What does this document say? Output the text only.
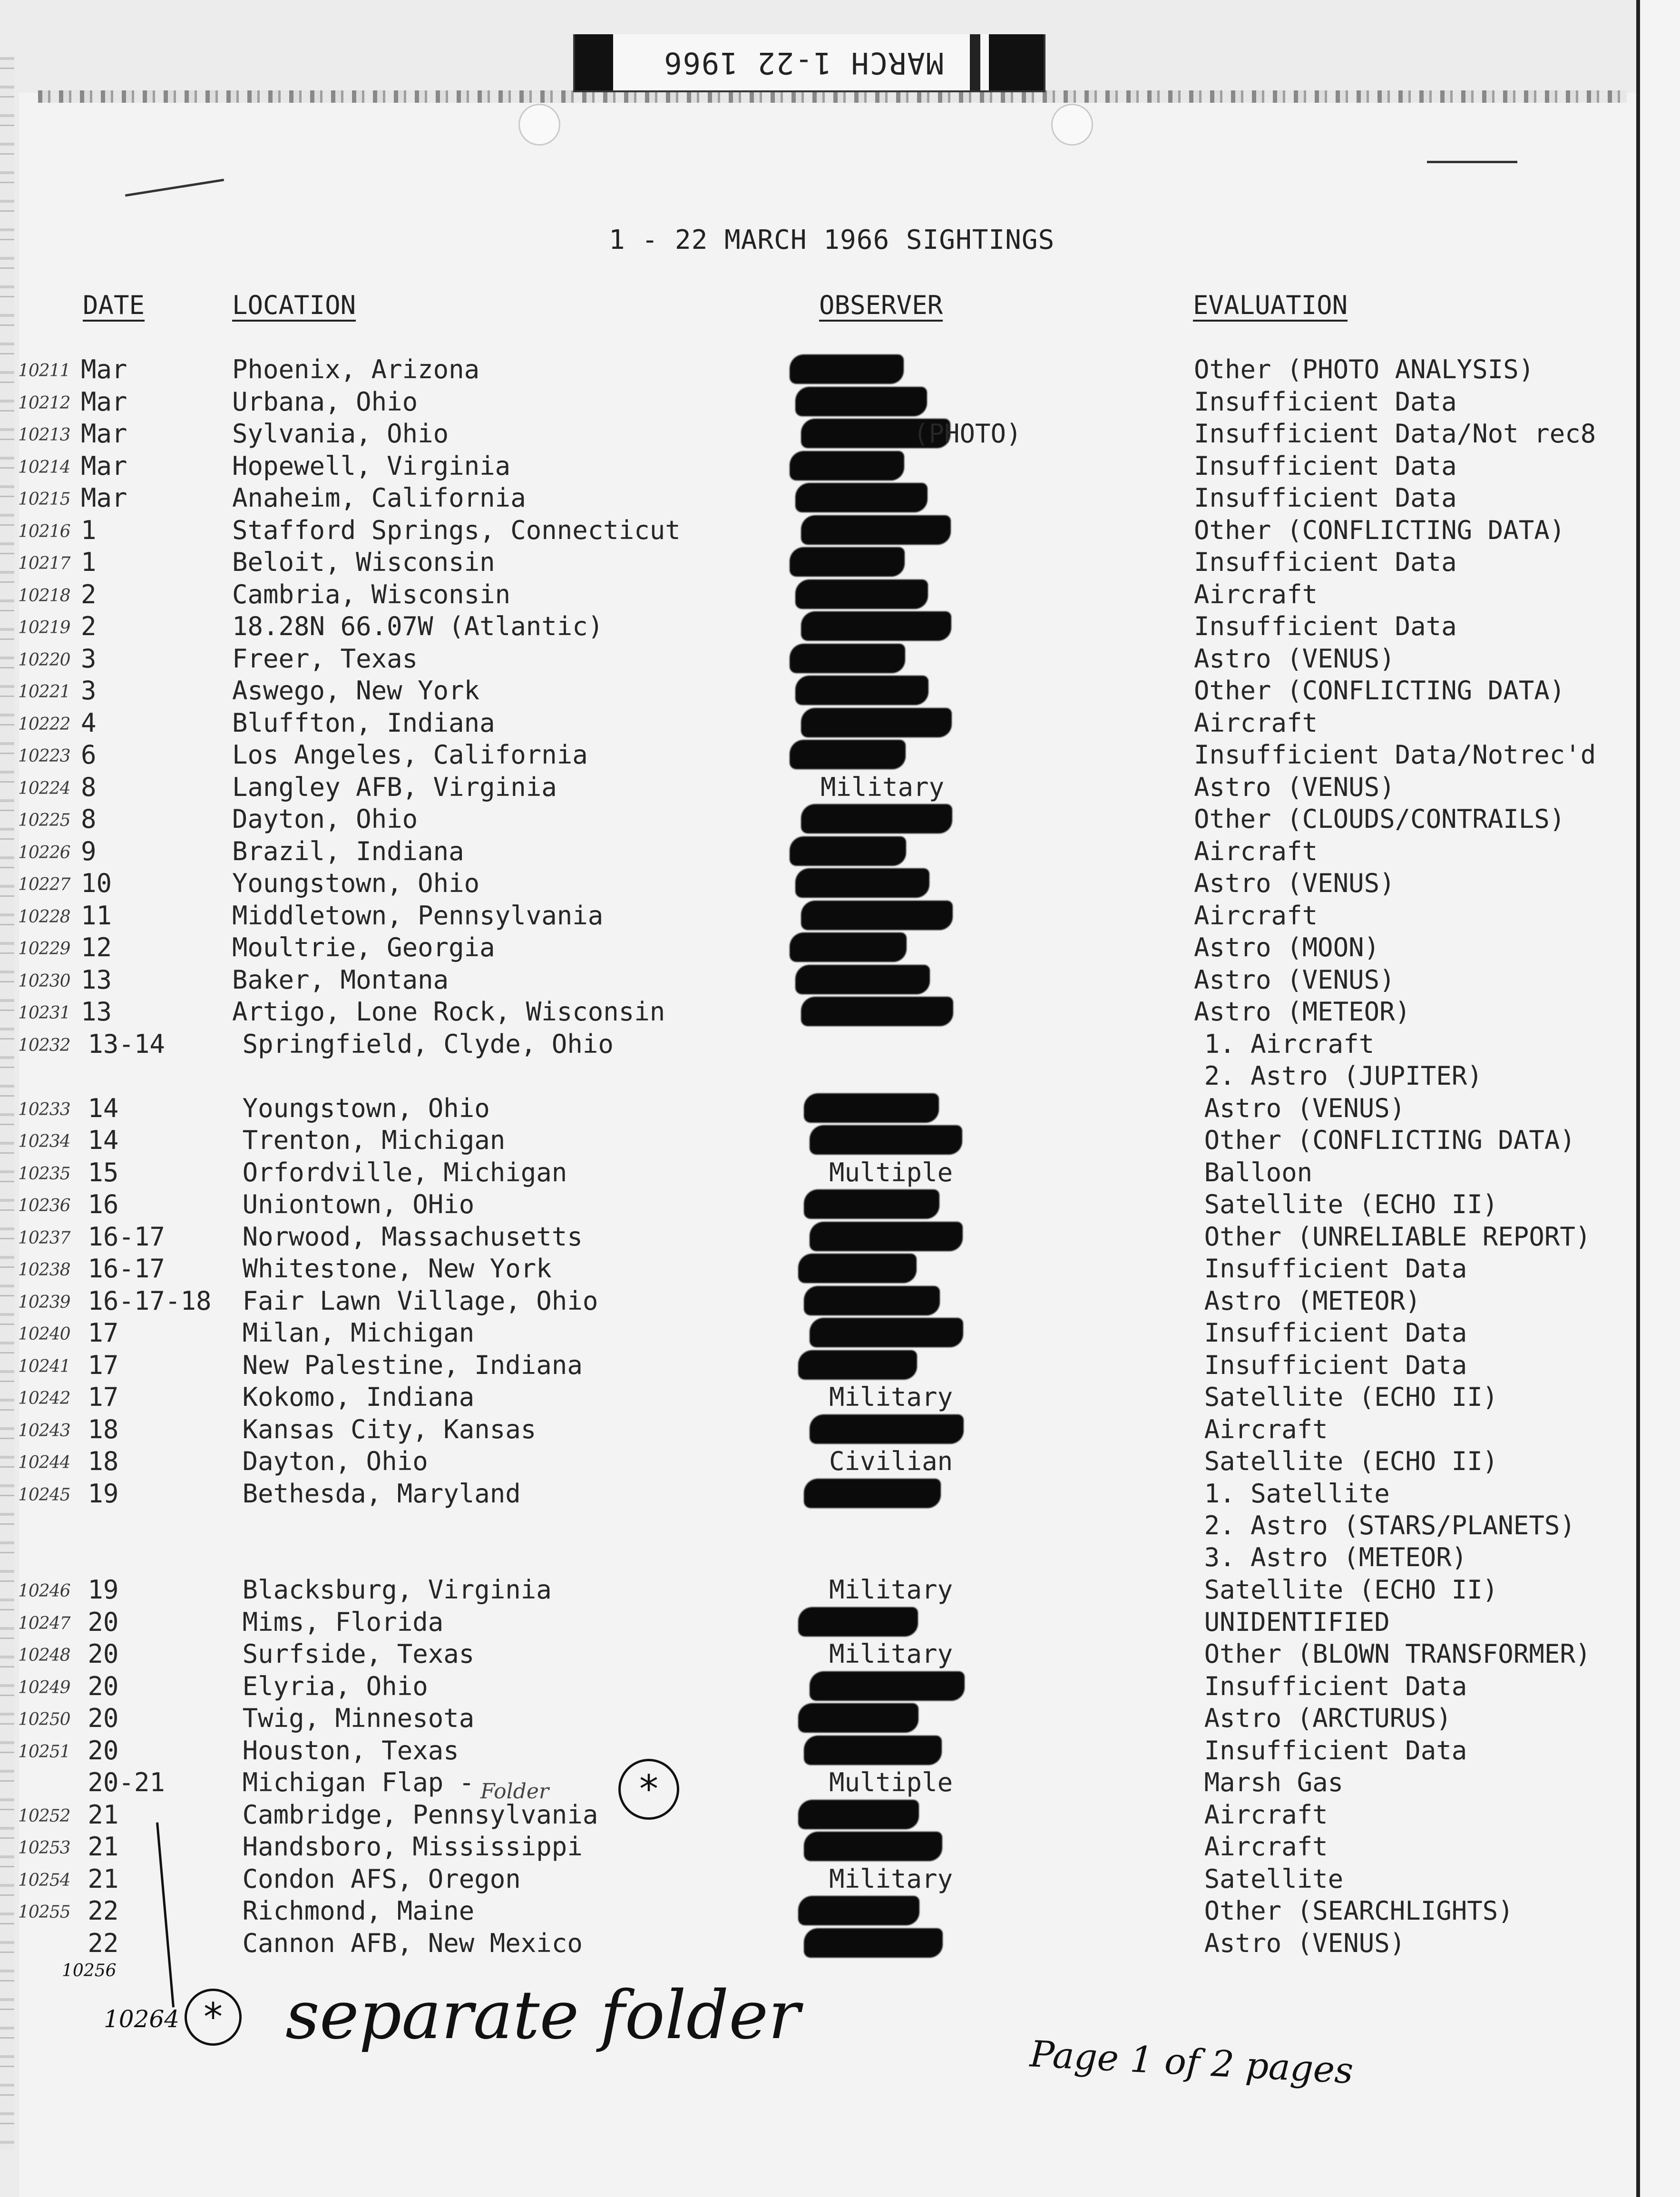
MARCH 1-22 1966
1 - 22 MARCH 1966 SIGHTINGS
DATE	LOCATION	OBSERVER	EVALUATION
10211 Mar	Phoenix, Arizona	Other (PHOTO ANALYSIS)
10212 Mar	Urbana, Ohio	Insufficient Data
10213 Mar	Sylvania, Ohio	(PHOTO)	Insufficient Data/Not rec8
10214 Mar	Hopewell, Virginia	Insufficient Data
10215 Mar	Anaheim, California	Insufficient Data
10216 1	Stafford Springs, Connecticut	Other (CONFLICTING DATA)
10217 1	Beloit, Wisconsin	Insufficient Data
10218 2	Cambria, Wisconsin	Aircraft
10219 2	18.28N 66.07W (Atlantic)	Insufficient Data
10220 3	Freer, Texas	Astro (VENUS)
10221 3	Aswego, New York	Other (CONFLICTING DATA)
10222 4	Bluffton, Indiana	Aircraft
10223 6	Los Angeles, California	Insufficient Data/Notrec'd
10224 8	Langley AFB, Virginia	Military	Astro (VENUS)
10225 8	Dayton, Ohio	Other (CLOUDS/CONTRAILS)
10226 9	Brazil, Indiana	Aircraft
10227 10	Youngstown, Ohio	Astro (VENUS)
10228 11	Middletown, Pennsylvania	Aircraft
10229 12	Moultrie, Georgia	Astro (MOON)
10230 13	Baker, Montana	Astro (VENUS)
10231 13	Artigo, Lone Rock, Wisconsin	Astro (METEOR)
10232 13-14	Springfield, Clyde, Ohio	1. Aircraft
2. Astro (JUPITER)
10233 14	Youngstown, Ohio	Astro (VENUS)
10234 14	Trenton, Michigan	Other (CONFLICTING DATA)
10235 15	Orfordville, Michigan	Multiple	Balloon
10236 16	Uniontown, OHio	Satellite (ECHO II)
10237 16-17	Norwood, Massachusetts	Other (UNRELIABLE REPORT)
10238 16-17	Whitestone, New York	Insufficient Data
10239 16-17-18 Fair Lawn Village, Ohio	Astro (METEOR)
10240 17	Milan, Michigan	Insufficient Data
10241 17	New Palestine, Indiana	Insufficient Data
10242 17	Kokomo, Indiana	Military	Satellite (ECHO II)
10243 18	Kansas City, Kansas	Aircraft
10244 18	Dayton, Ohio	Civilian	Satellite (ECHO II)
10245 19	Bethesda, Maryland	1. Satellite
2. Astro (STARS/PLANETS)
3. Astro (METEOR)
10246 19	Blacksburg, Virginia	Military	Satellite (ECHO II)
10247 20	Mims, Florida	UNIDENTIFIED
10248 20	Surfside, Texas	Military	Other (BLOWN TRANSFORMER)
10249 20	Elyria, Ohio	Insufficient Data
10250 20	Twig, Minnesota	Astro (ARCTURUS)
10251 20	Houston, Texas	Insufficient Data
20-21	Michigan Flap -	Multiple	Marsh Gas
10252 21	Cambridge, Pennsylvania	Aircraft
10253 21	Handsboro, Mississippi	Aircraft
10254 21	Condon AFS, Oregon	Military	Satellite
10255 22	Richmond, Maine	Other (SEARCHLIGHTS)
22	Cannon AFB, New Mexico	Astro (VENUS)
Folder	*
10256
10264 * separate folder
Page 1 of 2 pages
